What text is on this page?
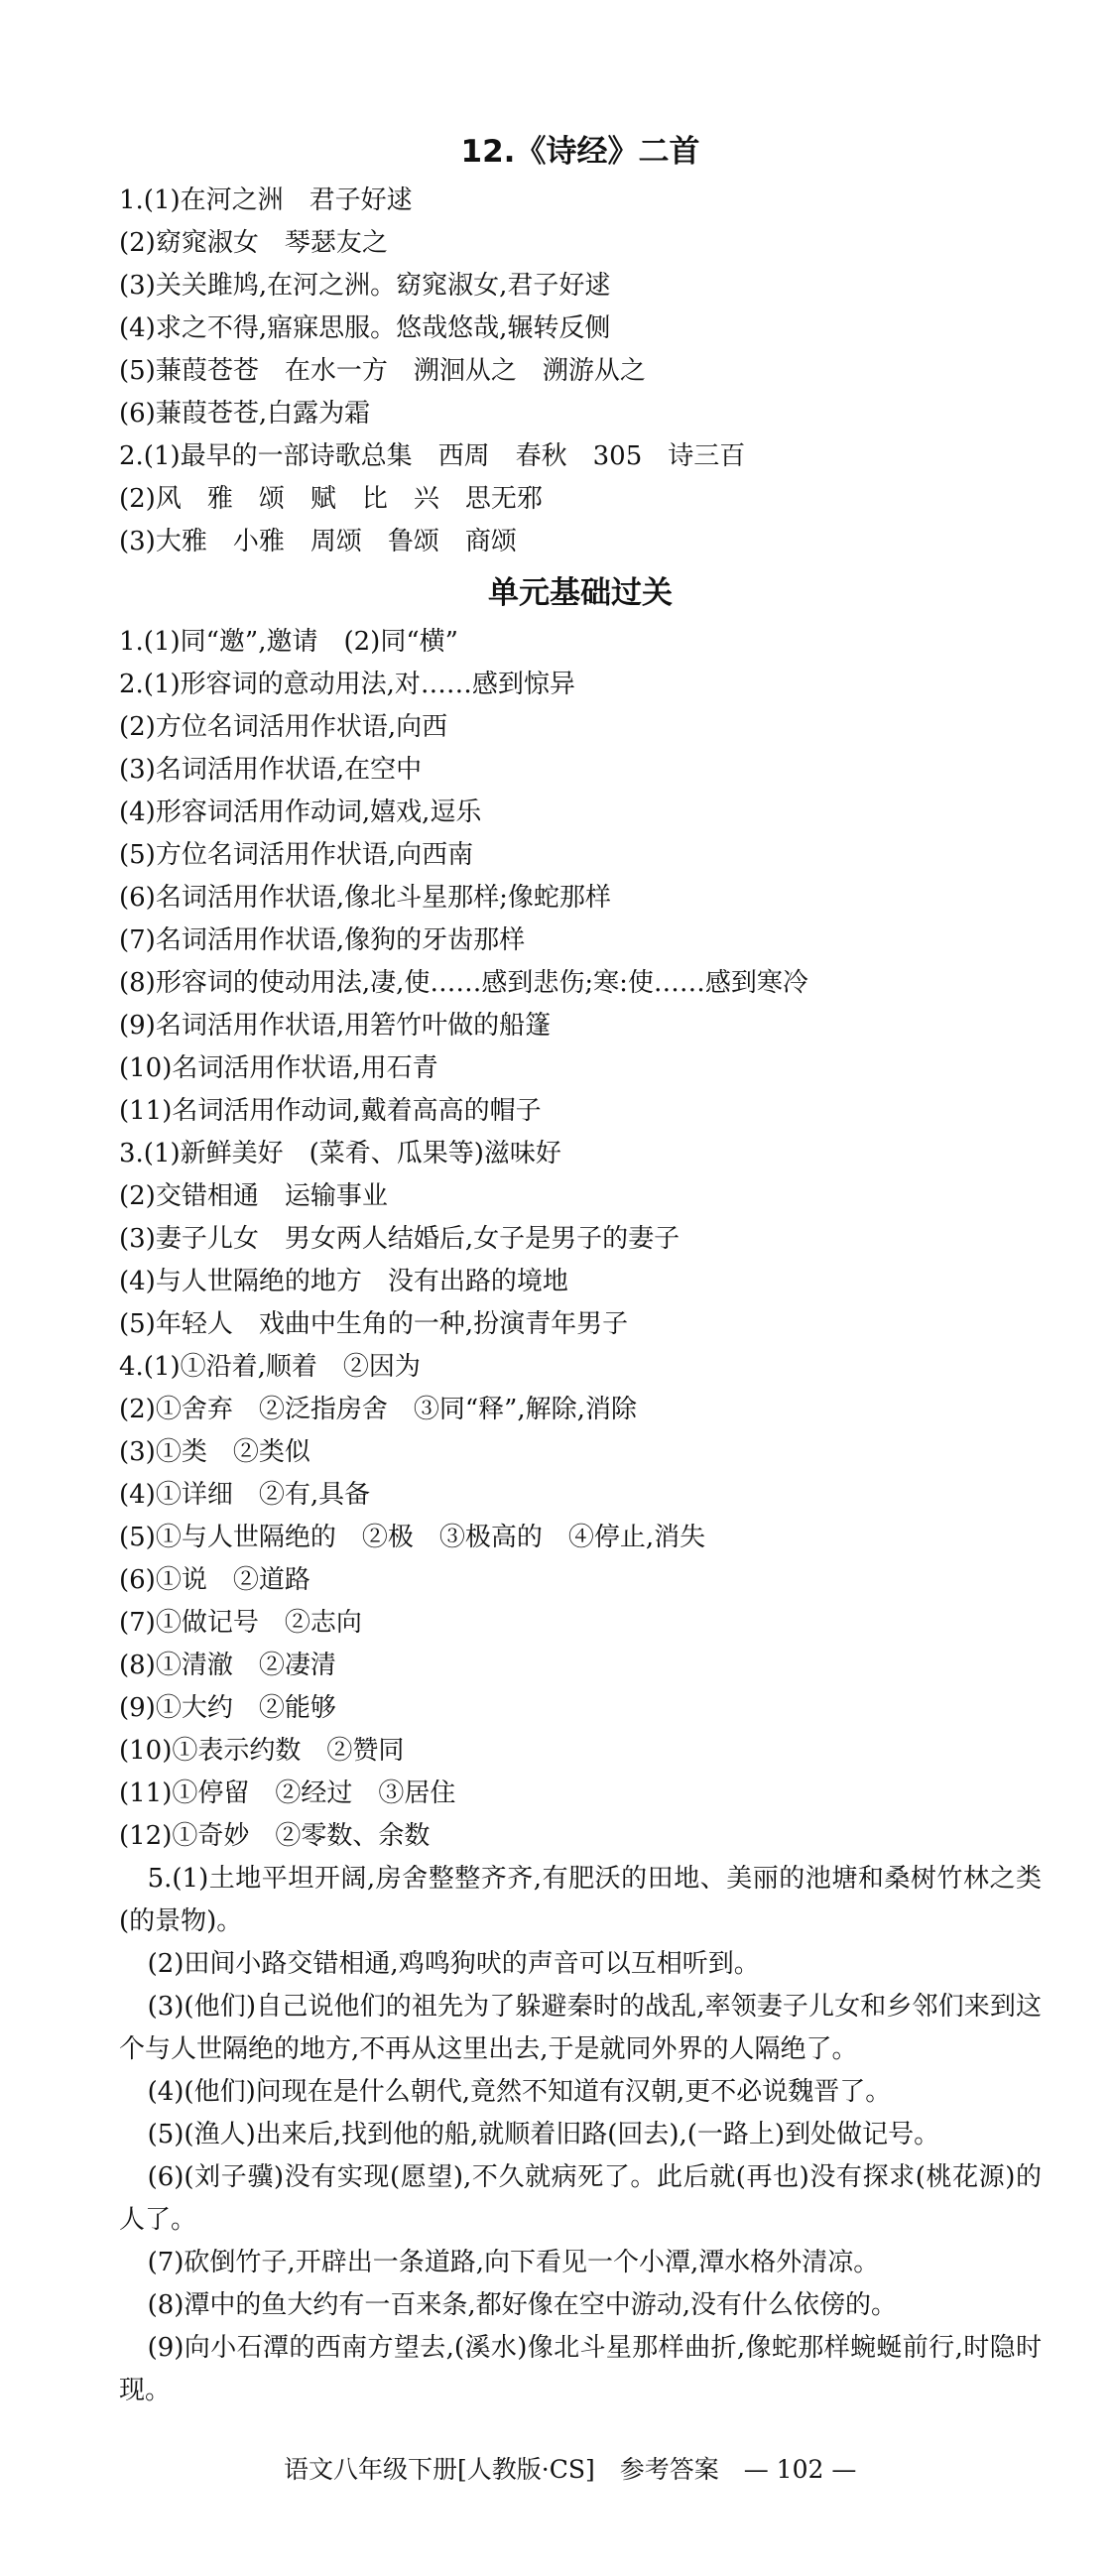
12.《诗经》二首
1.(1)在河之洲　君子好逑
(2)窈窕淑女　琴瑟友之
(3)关关雎鸠,在河之洲。窈窕淑女,君子好逑
(4)求之不得,寤寐思服。悠哉悠哉,辗转反侧
(5)蒹葭苍苍　在水一方　溯洄从之　溯游从之
(6)蒹葭苍苍,白露为霜
2.(1)最早的一部诗歌总集　西周　春秋　305　诗三百
(2)风　雅　颂　赋　比　兴　思无邪
(3)大雅　小雅　周颂　鲁颂　商颂
单元基础过关
1.(1)同“邀”,邀请　(2)同“横”
2.(1)形容词的意动用法,对……感到惊异
(2)方位名词活用作状语,向西
(3)名词活用作状语,在空中
(4)形容词活用作动词,嬉戏,逗乐
(5)方位名词活用作状语,向西南
(6)名词活用作状语,像北斗星那样;像蛇那样
(7)名词活用作状语,像狗的牙齿那样
(8)形容词的使动用法,凄,使……感到悲伤;寒:使……感到寒冷
(9)名词活用作状语,用箬竹叶做的船篷
(10)名词活用作状语,用石青
(11)名词活用作动词,戴着高高的帽子
3.(1)新鲜美好　(菜肴、瓜果等)滋味好
(2)交错相通　运输事业
(3)妻子儿女　男女两人结婚后,女子是男子的妻子
(4)与人世隔绝的地方　没有出路的境地
(5)年轻人　戏曲中生角的一种,扮演青年男子
4.(1)①沿着,顺着　②因为
(2)①舍弃　②泛指房舍　③同“释”,解除,消除
(3)①类　②类似
(4)①详细　②有,具备
(5)①与人世隔绝的　②极　③极高的　④停止,消失
(6)①说　②道路
(7)①做记号　②志向
(8)①清澈　②凄清
(9)①大约　②能够
(10)①表示约数　②赞同
(11)①停留　②经过　③居住
(12)①奇妙　②零数、余数

5.(1)土地平坦开阔,房舍整整齐齐,有肥沃的田地、美丽的池塘和桑树竹林之类(的景物)。

(2)田间小路交错相通,鸡鸣狗吠的声音可以互相听到。

(3)(他们)自己说他们的祖先为了躲避秦时的战乱,率领妻子儿女和乡邻们来到这个与人世隔绝的地方,不再从这里出去,于是就同外界的人隔绝了。

(4)(他们)问现在是什么朝代,竟然不知道有汉朝,更不必说魏晋了。

(5)(渔人)出来后,找到他的船,就顺着旧路(回去),(一路上)到处做记号。

(6)(刘子骥)没有实现(愿望),不久就病死了。此后就(再也)没有探求(桃花源)的人了。

(7)砍倒竹子,开辟出一条道路,向下看见一个小潭,潭水格外清凉。

(8)潭中的鱼大约有一百来条,都好像在空中游动,没有什么依傍的。

(9)向小石潭的西南方望去,(溪水)像北斗星那样曲折,像蛇那样蜿蜒前行,时隐时现。

语文八年级下册[人教版·CS]　参考答案　— 102 —
